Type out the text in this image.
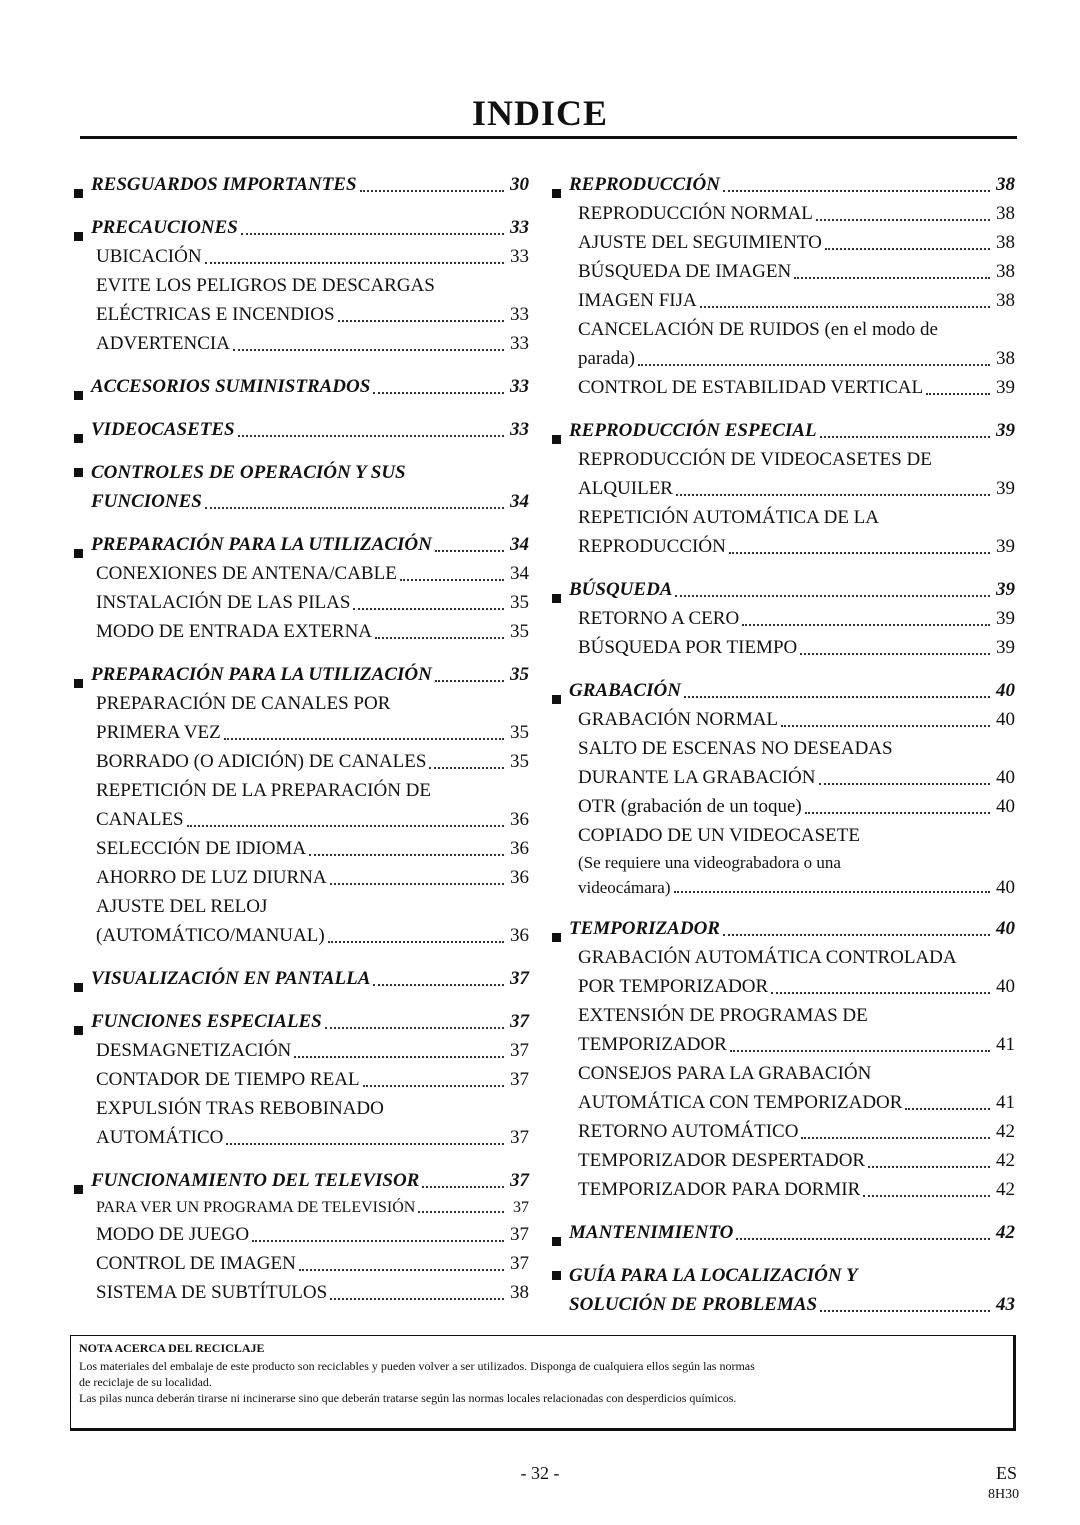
INDICE
RESGUARDOS IMPORTANTES	30
PRECAUCIONES	33
UBICACIÓN	33
EVITE LOS PELIGROS DE DESCARGAS
ELÉCTRICAS E INCENDIOS	33
ADVERTENCIA	33
ACCESORIOS SUMINISTRADOS	33
VIDEOCASETES	33
CONTROLES DE OPERACIÓN Y SUS
FUNCIONES	34
PREPARACIÓN PARA LA UTILIZACIÓN	34
CONEXIONES DE ANTENA/CABLE	34
INSTALACIÓN DE LAS PILAS	35
MODO DE ENTRADA EXTERNA	35
PREPARACIÓN PARA LA UTILIZACIÓN	35
PREPARACIÓN DE CANALES POR
PRIMERA VEZ	35
BORRADO (O ADICIÓN) DE CANALES	35
REPETICIÓN DE LA PREPARACIÓN DE
CANALES	36
SELECCIÓN DE IDIOMA	36
AHORRO DE LUZ DIURNA	36
AJUSTE DEL RELOJ
(AUTOMÁTICO/MANUAL)	36
VISUALIZACIÓN EN PANTALLA	37
FUNCIONES ESPECIALES	37
DESMAGNETIZACIÓN	37
CONTADOR DE TIEMPO REAL	37
EXPULSIÓN TRAS REBOBINADO
AUTOMÁTICO	37
FUNCIONAMIENTO DEL TELEVISOR	37
PARA VER UN PROGRAMA DE TELEVISIÓN	37
MODO DE JUEGO	37
CONTROL DE IMAGEN	37
SISTEMA DE SUBTÍTULOS	38
REPRODUCCIÓN	38
REPRODUCCIÓN NORMAL	38
AJUSTE DEL SEGUIMIENTO	38
BÚSQUEDA DE IMAGEN	38
IMAGEN FIJA	38
CANCELACIÓN DE RUIDOS (en el modo de
parada)	38
CONTROL DE ESTABILIDAD VERTICAL	39
REPRODUCCIÓN ESPECIAL	39
REPRODUCCIÓN DE VIDEOCASETES DE
ALQUILER	39
REPETICIÓN AUTOMÁTICA DE LA
REPRODUCCIÓN	39
BÚSQUEDA	39
RETORNO A CERO	39
BÚSQUEDA POR TIEMPO	39
GRABACIÓN	40
GRABACIÓN NORMAL	40
SALTO DE ESCENAS NO DESEADAS
DURANTE LA GRABACIÓN	40
OTR (grabación de un toque)	40
COPIADO DE UN VIDEOCASETE
(Se requiere una videograbadora o una
videocámara)	40
TEMPORIZADOR	40
GRABACIÓN AUTOMÁTICA CONTROLADA
POR TEMPORIZADOR	40
EXTENSIÓN DE PROGRAMAS DE
TEMPORIZADOR	41
CONSEJOS PARA LA GRABACIÓN
AUTOMÁTICA CON TEMPORIZADOR	41
RETORNO AUTOMÁTICO	42
TEMPORIZADOR DESPERTADOR	42
TEMPORIZADOR PARA DORMIR	42
MANTENIMIENTO	42
GUÍA PARA LA LOCALIZACIÓN Y
SOLUCIÓN DE PROBLEMAS	43
NOTA ACERCA DEL RECICLAJE
Los materiales del embalaje de este producto son reciclables y pueden volver a ser utilizados. Disponga de cualquiera ellos según las normas
de reciclaje de su localidad.
Las pilas nunca deberán tirarse ni incinerarse sino que deberán tratarse según las normas locales relacionadas con desperdicios químicos.
- 32 -	ES
8H30
